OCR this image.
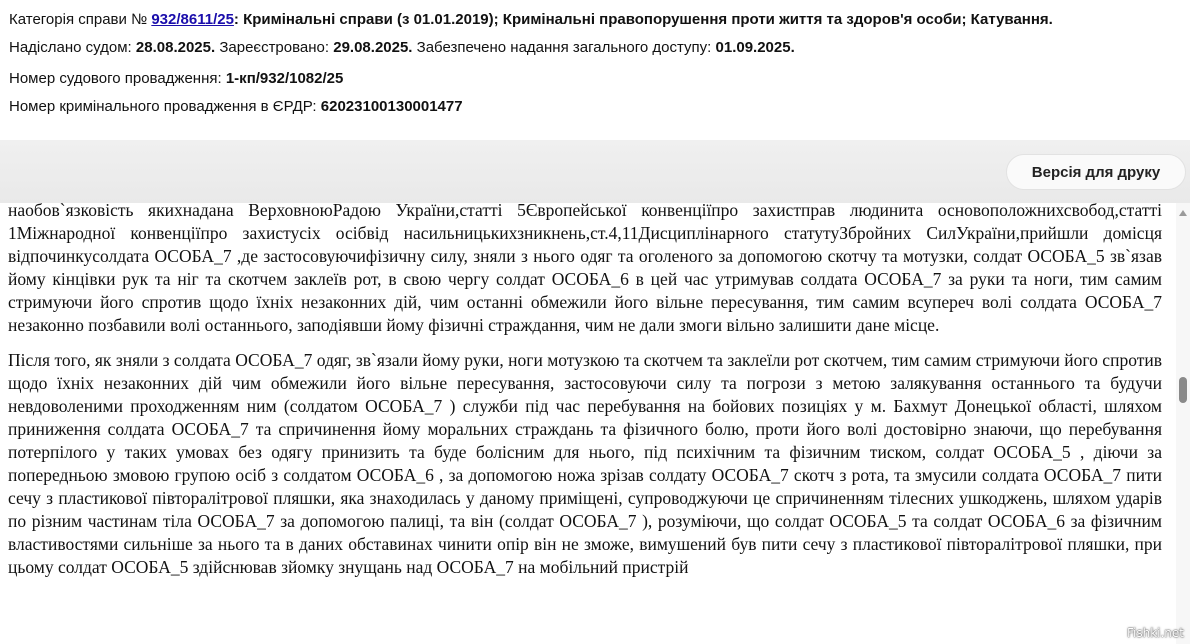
Категорія справи № 932/8611/25: Кримінальні справи (з 01.01.2019); Кримінальні правопорушення проти життя та здоров'я особи; Катування.
Надіслано судом: 28.08.2025. Зареєстровано: 29.08.2025. Забезпечено надання загального доступу: 01.09.2025.
Номер судового провадження: 1-кп/932/1082/25
Номер кримінального провадження в ЄРДР: 62023100130001477
Версія для друку

наобов`язковість якихнадана ВерховноюРадою України,статті 5Європейської конвенціїпро захистправ людинита основоположнихсвобод,статті 1Міжнародної конвенціїпро захистусіх осібвід насильницькихзникнень,ст.4,11Дисциплінарного статутуЗбройних СилУкраїни,прийшли домісця відпочинкусолдата ОСОБА_7 ,де застосовуючифізичну силу, зняли з нього одяг та оголеного за допомогою скотчу та мотузки, солдат ОСОБА_5 зв`язав йому кінцівки рук та ніг та скотчем заклеїв рот, в свою чергу солдат ОСОБА_6 в цей час утримував солдата ОСОБА_7 за руки та ноги, тим самим стримуючи його спротив щодо їхніх незаконних дій, чим останні обмежили його вільне пересування, тим самим всупереч волі солдата ОСОБА_7 незаконно позбавили волі останнього, заподіявши йому фізичні страждання, чим не дали змоги вільно залишити дане місце.

Після того, як зняли з солдата ОСОБА_7 одяг, зв`язали йому руки, ноги мотузкою та скотчем та заклеїли рот скотчем, тим самим стримуючи його спротив щодо їхніх незаконних дій чим обмежили його вільне пересування, застосовуючи силу та погрози з метою залякування останнього та будучи невдоволеними проходженням ним (солдатом ОСОБА_7 ) служби під час перебування на бойових позиціях у м. Бахмут Донецької області, шляхом приниження солдата ОСОБА_7 та спричинення йому моральних страждань та фізичного болю, проти його волі достовірно знаючи, що перебування потерпілого у таких умовах без одягу принизить та буде болісним для нього, під психічним та фізичним тиском, солдат ОСОБА_5 , діючи за попередньою змовою групою осіб з солдатом ОСОБА_6 , за допомогою ножа зрізав солдату ОСОБА_7 скотч з рота, та змусили солдата ОСОБА_7 пити сечу з пластикової півторалітрової пляшки, яка знаходилась у даному приміщені, супроводжуючи це спричиненням тілесних ушкоджень, шляхом ударів по різним частинам тіла ОСОБА_7 за допомогою палиці, та він (солдат ОСОБА_7 ), розуміючи, що солдат ОСОБА_5 та солдат ОСОБА_6 за фізичним властивостями сильніше за нього та в даних обставинах чинити опір він не зможе, вимушений був пити сечу з пластикової півторалітрової пляшки, при цьому солдат ОСОБА_5 здійснював зйомку знущань над ОСОБА_7 на мобільний пристрій

Fishki.net
